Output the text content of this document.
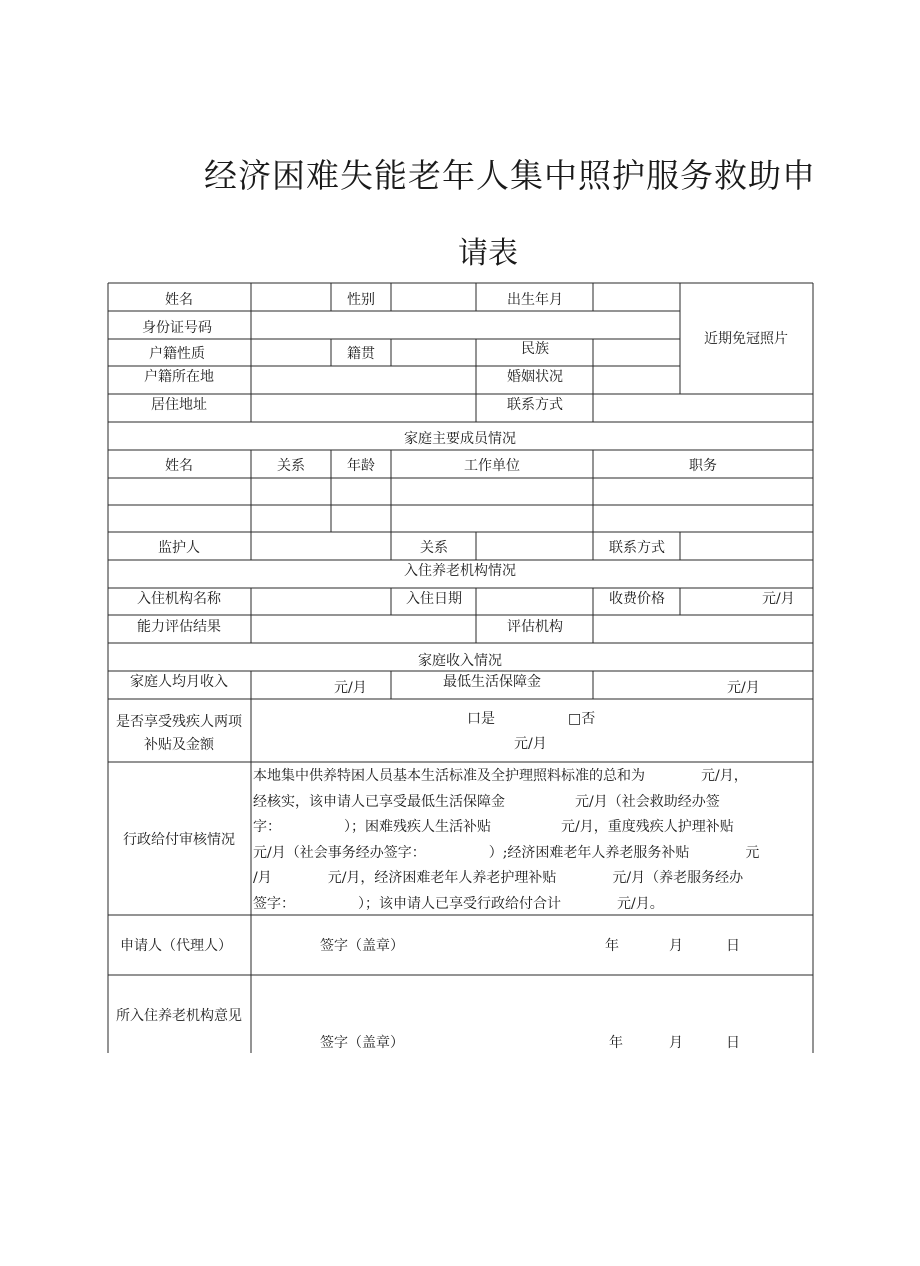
经济困难失能老年人集中照护服务救助申
请表
姓名	性别	出生年月
近期免冠照片
身份证号码
户籍性质	籍贯	民族
户籍所在地	婚姻状况
居住地址	联系方式
家庭主要成员情况
姓名	关系	年龄	工作单位	职务
监护人	关系	联系方式
入住养老机构情况
入住机构名称	入住日期	收费价格	元/月
能力评估结果	评估机构
家庭收入情况
家庭人均月收入	元/月	最低生活保障金	元/月
是否享受残疾人两项
补贴及金额
口是	□否
元/月
行政给付审核情况
本地集中供养特困人员基本生活标准及全护理照料标准的总和为　　　　元/月，
经核实，该申请人已享受最低生活保障金　　　　　元/月（社会救助经办签
字：　　　　　）；困难残疾人生活补贴　　　　　元/月，重度残疾人护理补贴
元/月（社会事务经办签字：　　　　　）;经济困难老年人养老服务补贴　　　　元
/月　　　　元/月，经济困难老年人养老护理补贴　　　　元/月（养老服务经办
签字：　　　　　）；该申请人已享受行政给付合计　　　　元/月。
申请人（代理人）	签字（盖章）	年	月	日
所入住养老机构意见
签字（盖章）	年	月	日
